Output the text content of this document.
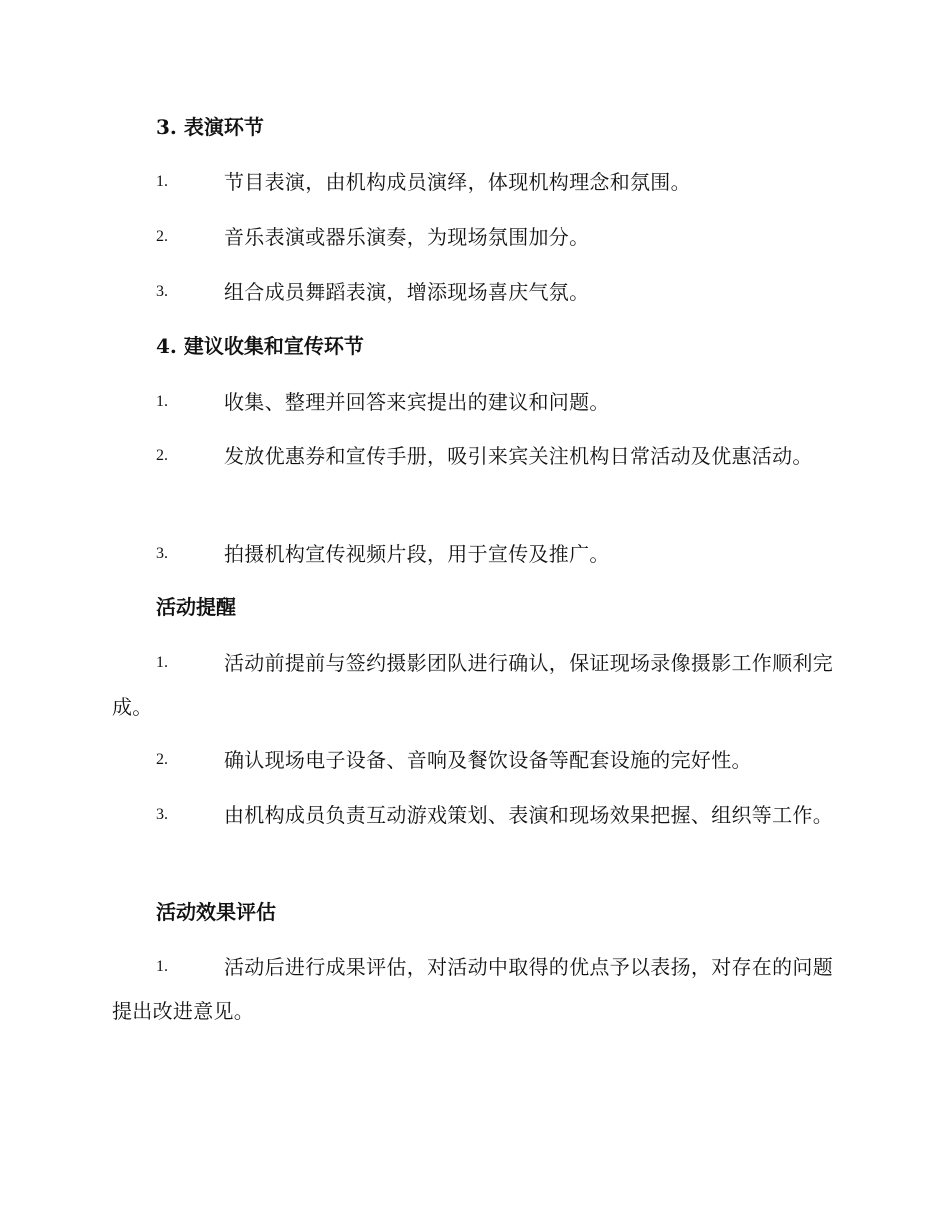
3. 表演环节
1.	节目表演，由机构成员演绎，体现机构理念和氛围。
2.	音乐表演或器乐演奏，为现场氛围加分。
3.	组合成员舞蹈表演，增添现场喜庆气氛。
4. 建议收集和宣传环节
1.	收集、整理并回答来宾提出的建议和问题。
2.	发放优惠券和宣传手册，吸引来宾关注机构日常活动及优惠活动。
3.	拍摄机构宣传视频片段，用于宣传及推广。
活动提醒
1.	活动前提前与签约摄影团队进行确认，保证现场录像摄影工作顺利完成。
2.	确认现场电子设备、音响及餐饮设备等配套设施的完好性。
3.	由机构成员负责互动游戏策划、表演和现场效果把握、组织等工作。
活动效果评估
1.	活动后进行成果评估，对活动中取得的优点予以表扬，对存在的问题提出改进意见。
